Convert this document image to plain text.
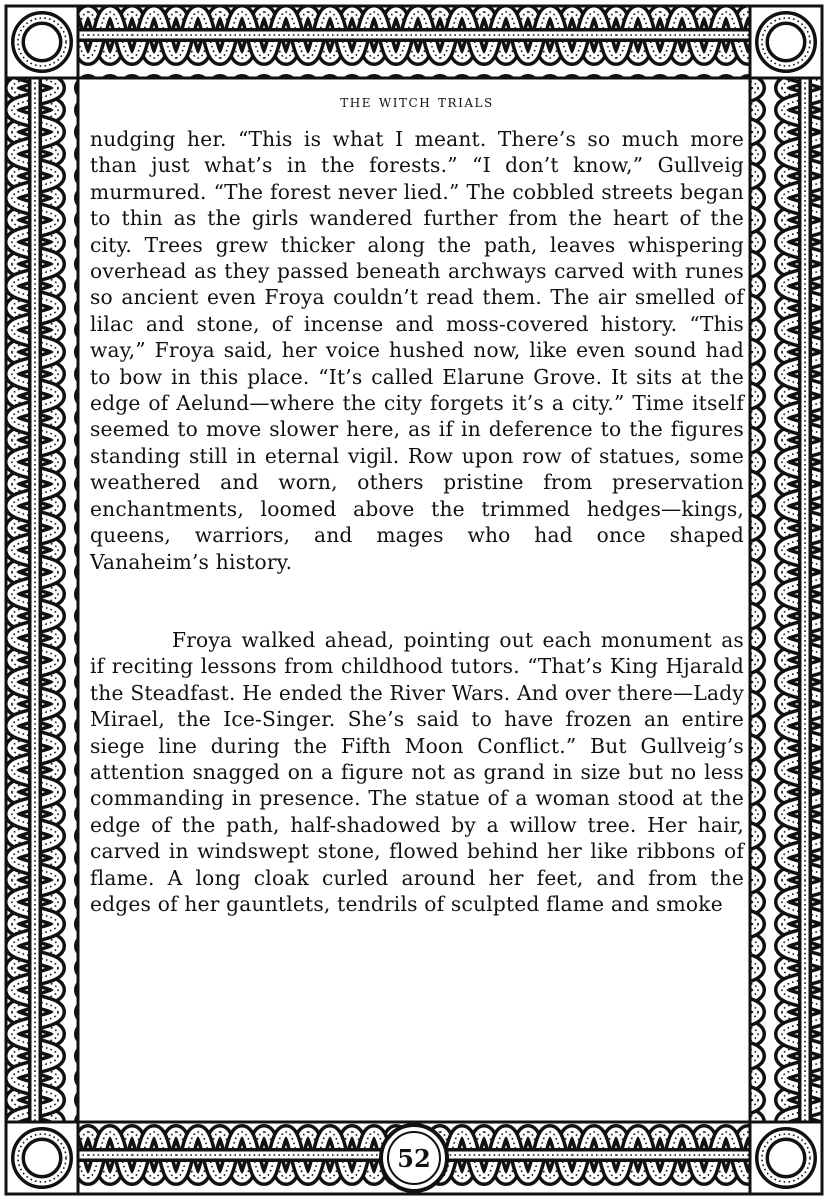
the witch trials

nudging her. “This is what I meant. There’s so much more than just what’s in the forests.” “I don’t know,” Gullveig murmured. “The forest never lied.” The cobbled streets began to thin as the girls wandered further from the heart of the city. Trees grew thicker along the path, leaves whispering overhead as they passed beneath archways carved with runes so ancient even Froya couldn’t read them. The air smelled of lilac and stone, of incense and moss-covered history. “This way,” Froya said, her voice hushed now, like even sound had to bow in this place. “It’s called Elarune Grove. It sits at the edge of Aelund—where the city forgets it’s a city.” Time itself seemed to move slower here, as if in deference to the figures standing still in eternal vigil. Row upon row of statues, some weathered and worn, others pristine from preservation enchantments, loomed above the trimmed hedges—kings, queens, warriors, and mages who had once shaped Vanaheim’s history.

Froya walked ahead, pointing out each monument as if reciting lessons from childhood tutors. “That’s King Hjarald the Steadfast. He ended the River Wars. And over there—Lady Mirael, the Ice-Singer. She’s said to have frozen an entire siege line during the Fifth Moon Conflict.” But Gullveig’s attention snagged on a figure not as grand in size but no less commanding in presence. The statue of a woman stood at the edge of the path, half-shadowed by a willow tree. Her hair, carved in windswept stone, flowed behind her like ribbons of flame. A long cloak curled around her feet, and from the edges of her gauntlets, tendrils of sculpted flame and smoke

52
